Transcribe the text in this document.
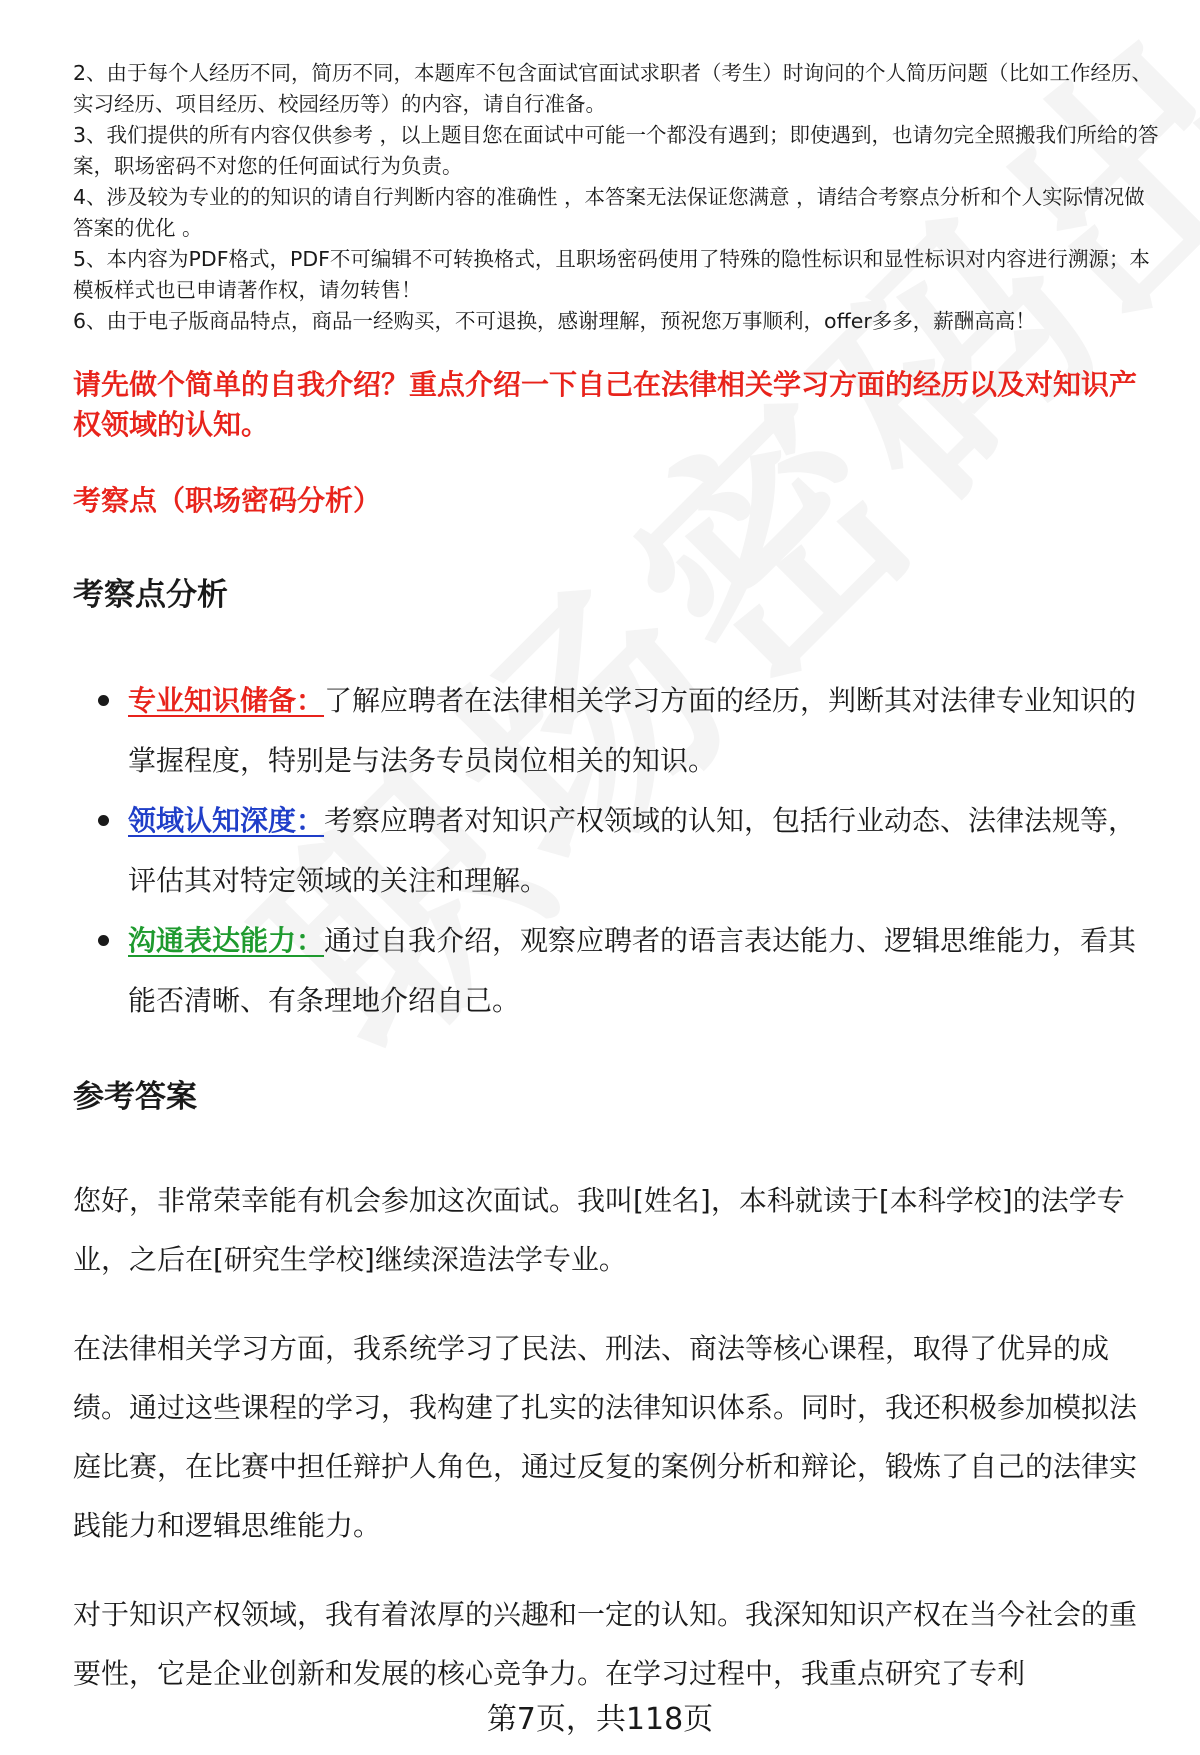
2、由于每个人经历不同，简历不同，本题库不包含面试官面试求职者（考生）时询问的个人简历问题（比如工作经历、实习经历、项目经历、校园经历等）的内容，请自行准备。

3、我们提供的所有内容仅供参考 ，以上题目您在面试中可能一个都没有遇到；即使遇到，也请勿完全照搬我们所给的答案，职场密码不对您的任何面试行为负责。

4、涉及较为专业的的知识的请自行判断内容的准确性 ，本答案无法保证您满意 ，请结合考察点分析和个人实际情况做答案的优化 。

5、本内容为PDF格式，PDF不可编辑不可转换格式，且职场密码使用了特殊的隐性标识和显性标识对内容进行溯源；本模板样式也已申请著作权，请勿转售！

6、由于电子版商品特点，商品一经购买，不可退换，感谢理解，预祝您万事顺利，offer多多，薪酬高高！

请先做个简单的自我介绍？重点介绍一下自己在法律相关学习方面的经历以及对知识产权领域的认知。
考察点（职场密码分析）
考察点分析
专业知识储备：了解应聘者在法律相关学习方面的经历，判断其对法律专业知识的掌握程度，特别是与法务专员岗位相关的知识。
领域认知深度：考察应聘者对知识产权领域的认知，包括行业动态、法律法规等，评估其对特定领域的关注和理解。
沟通表达能力：通过自我介绍，观察应聘者的语言表达能力、逻辑思维能力，看其能否清晰、有条理地介绍自己。
参考答案

您好，非常荣幸能有机会参加这次面试。我叫[姓名]，本科就读于[本科学校]的法学专业，之后在[研究生学校]继续深造法学专业。

在法律相关学习方面，我系统学习了民法、刑法、商法等核心课程，取得了优异的成绩。通过这些课程的学习，我构建了扎实的法律知识体系。同时，我还积极参加模拟法庭比赛，在比赛中担任辩护人角色，通过反复的案例分析和辩论，锻炼了自己的法律实践能力和逻辑思维能力。

对于知识产权领域，我有着浓厚的兴趣和一定的认知。我深知知识产权在当今社会的重要性，它是企业创新和发展的核心竞争力。在学习过程中，我重点研究了专利

第7页，共118页
